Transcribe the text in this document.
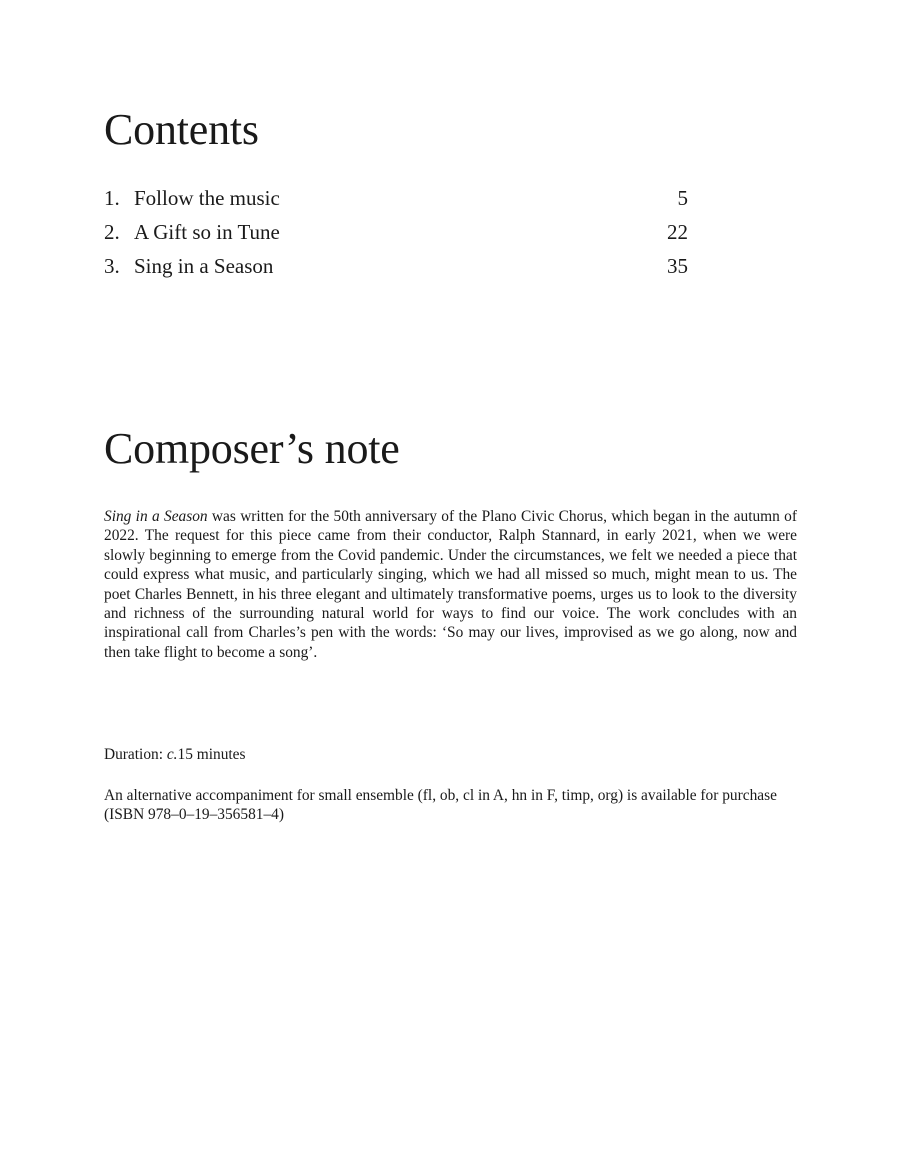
Contents
1. Follow the music	5
2. A Gift so in Tune	22
3. Sing in a Season	35
Composer’s note

Sing in a Season was written for the 50th anniversary of the Plano Civic Chorus, which began in the autumn of 2022. The request for this piece came from their conductor, Ralph Stannard, in early 2021, when we were slowly beginning to emerge from the Covid pandemic. Under the circumstances, we felt we needed a piece that could express what music, and particularly singing, which we had all missed so much, might mean to us. The poet Charles Bennett, in his three elegant and ultimately transformative poems, urges us to look to the diversity and richness of the surrounding natural world for ways to find our voice. The work concludes with an inspirational call from Charles’s pen with the words: ‘So may our lives, improvised as we go along, now and then take flight to become a song’.

Duration: c.15 minutes

An alternative accompaniment for small ensemble (fl, ob, cl in A, hn in F, timp, org) is available for purchase (ISBN 978–0–19–356581–4)
